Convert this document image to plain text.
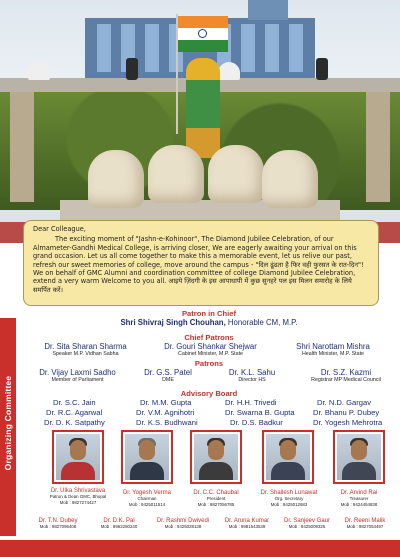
Dear Colleague,

The exciting moment of "Jashn-e-Kohinoor", The Diamond Jubilee Celebration, of our Almameter-Gandhi Medical College, is arriving closer, We are eagerly awaiting your arrival on this grand occasion. Let us all come together to make this a memorable event, let us relive our past, refresh our sweet memories of college, move around the campus - "दिल ढूंढता है फिर वही फुरसत के रात-दिन"! We on behalf of GMC Alumni and coordination committee of college Diamond Jubilee Celebration, extend a very warm Welcome to you all. आइये ज़िंदगी के इस आपाधापी में कुछ सुनहरे पल इस मिलन समारोह के लिये समर्पित करें।

Organizing Committee
Patron in Chief
Shri Shivraj Singh Chouhan, Honorable CM, M.P.
Chief Patrons
Dr. Sita Sharan Sharma
Speaker M.P. Vidhan Sabha
Dr. Gouri Shankar Shejwar
Cabinet Minister, M.P. State
Shri Narottam Mishra
Health Minister, M.P. State
Patrons
Dr. Vijay Laxmi Sadho
Member of Parliament
Dr. G.S. Patel
DME
Dr. K.L. Sahu
Director HS
Dr. S.Z. Kazmi
Registrar MP Medical Council
Advisory Board
Dr. S.C. Jain	Dr. M.M. Gupta	Dr. H.H. Trivedi	Dr. N.D. Gargav
Dr. R.C. Agarwal	Dr. V.M. Agnihotri	Dr. Swarna B. Gupta Dr. Bhanu P. Dubey
Dr. D. K. Satpathy	Dr. K.S. Budhwani	Dr. D.S. Badkur	Dr. Yogesh Mehrotra
Dr. Ulka Shrivastava
Patron & Dean GMC, Bhopal
Mob : 9827274427
Dr. Yogesh Verma
Chairman
Mob : 9425011514
Dr. C.C. Chaubal
President
Mob : 9827056785
Dr. Shailesh Lunawat
Org. Secretary
Mob : 9425012683
Dr. Arvind Rai
Treasurer
Mob : 9424454838
Dr. T.N. Dubey
Mob : 9827095408
Dr. D.K. Pal
Mob : 8962280240
Dr. Rashmi Dwivedi
Mob : 9425028138
Dr. Aruna Kumar
Mob : 9981543539
Dr. Sanjeev Gaur
Mob : 9425009325
Dr. Reeni Malik
Mob : 9827054497
